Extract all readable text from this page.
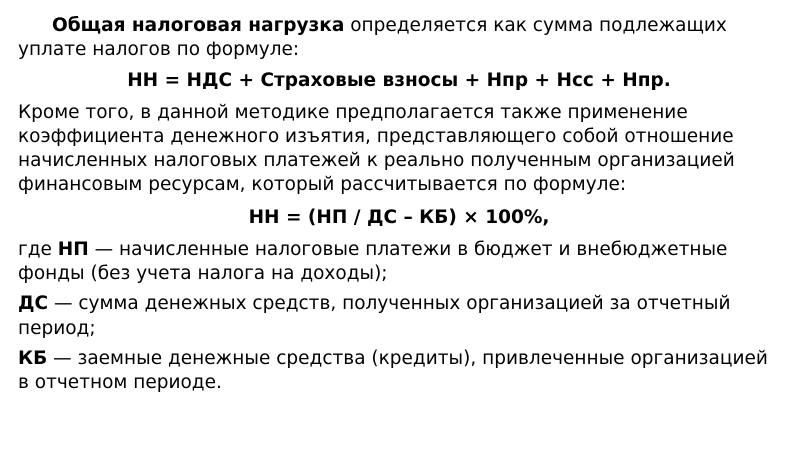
Общая налоговая нагрузка определяется как сумма подлежащих уплате налогов по формуле:

НН = НДС + Страховые взносы + Нпр + Нсс + Нпр.

Кроме того, в данной методике предполагается также применение коэффициента денежного изъятия, представляющего собой отношение начисленных налоговых платежей к реально полученным организацией финансовым ресурсам, который рассчитывается по формуле:

НН = (НП / ДС – КБ) × 100%,

где НП — начисленные налоговые платежи в бюджет и внебюджетные фонды (без учета налога на доходы);

ДС — сумма денежных средств, полученных организацией за отчетный период;

КБ — заемные денежные средства (кредиты), привлеченные организацией в отчетном периоде.
